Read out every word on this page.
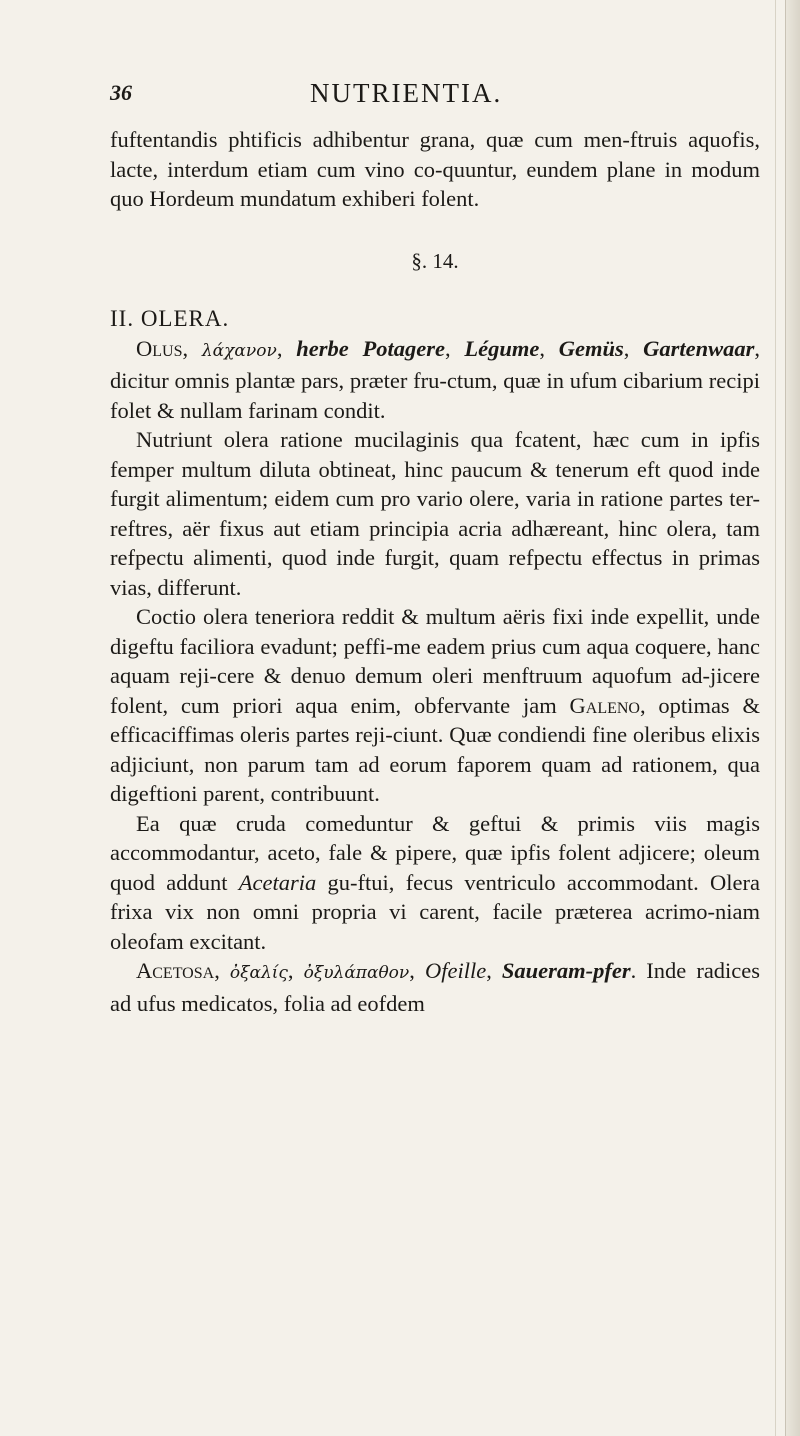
36	NUTRIENTIA.

fuftentandis phtificis adhibentur grana, quæ cum men-ftruis aquofis, lacte, interdum etiam cum vino co-quuntur, eundem plane in modum quo Hordeum mundatum exhiberi folent.

§. 14.

II. OLERA.

Olus, λάχανον, herbe Potagere, Légume, Gemüs, Gartenwaar, dicitur omnis plantæ pars, præter fru-ctum, quæ in ufum cibarium recipi folet & nullam farinam condit.

Nutriunt olera ratione mucilaginis qua fcatent, hæc cum in ipfis femper multum diluta obtineat, hinc paucum & tenerum eft quod inde furgit alimentum; eidem cum pro vario olere, varia in ratione partes ter-reftres, aër fixus aut etiam principia acria adhæreant, hinc olera, tam refpectu alimenti, quod inde furgit, quam refpectu effectus in primas vias, differunt.

Coctio olera teneriora reddit & multum aëris fixi inde expellit, unde digeftu faciliora evadunt; peffi-me eadem prius cum aqua coquere, hanc aquam reji-cere & denuo demum oleri menftruum aquofum ad-jicere folent, cum priori aqua enim, obfervante jam Galeno, optimas & efficaciffimas oleris partes reji-ciunt. Quæ condiendi fine oleribus elixis adjiciunt, non parum tam ad eorum faporem quam ad rationem, qua digeftioni parent, contribuunt.

Ea quæ cruda comeduntur & geftui & primis viis magis accommodantur, aceto, fale & pipere, quæ ipfis folent adjicere; oleum quod addunt Acetaria gu-ftui, fecus ventriculo accommodant. Olera frixa vix non omni propria vi carent, facile præterea acrimo-niam oleofam excitant.

Acetosa, ὀξαλίς, ὀξυλάπαθον, Ofeille, Saueram-pfer. Inde radices ad ufus medicatos, folia ad eofdem
